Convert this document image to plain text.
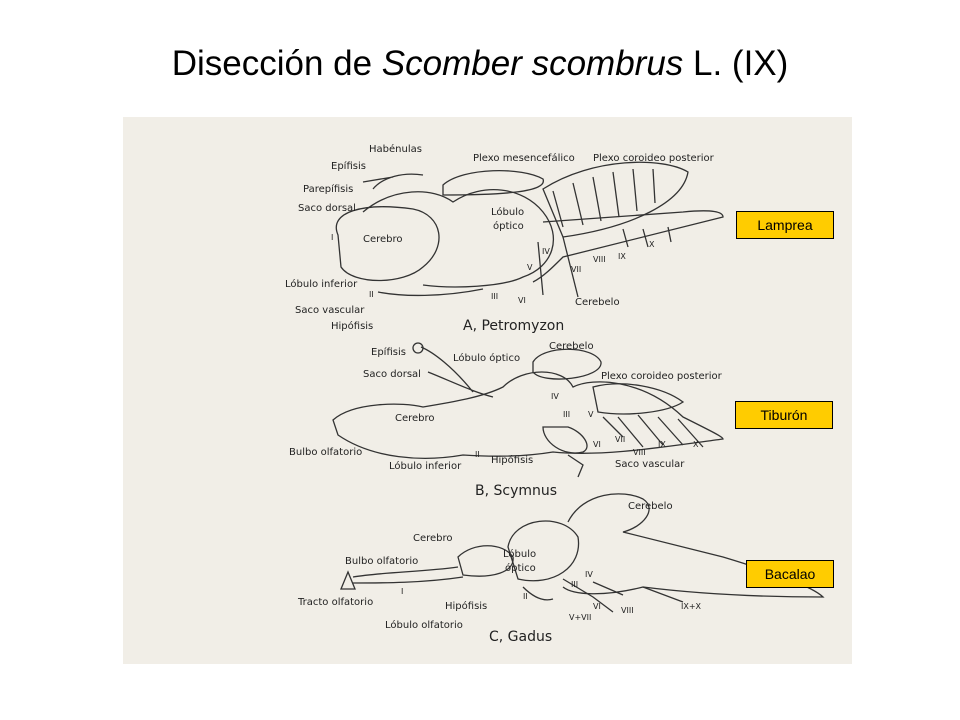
Disección de Scomber scombrus L. (IX)
Habénulas
Epífisis
Parepífisis
Saco dorsal
Cerebro
Lóbulo inferior
Saco vascular
Hipófisis
Plexo mesencefálico Plexo coroideo posterior
Lóbulo
óptico
Cerebelo
A, Petromyzon
I
II	III
IV
V
VI
VII
VIII IX
X
Epífisis
Saco dorsal
Lóbulo óptico
Cerebelo
Plexo coroideo posterior
Cerebro
Bulbo olfatorio
Lóbulo inferior
Hipófisis	Saco vascular
B, Scymnus
II
III
IV
V
VI
VII
VIII
IX	X
Cerebelo
Cerebro
Bulbo olfatorio
Lóbulo
óptico
Tracto olfatorio	Hipófisis
Lóbulo olfatorio
C, Gadus
I
II
III
IV
VI
V+VII
VIII	IX+X
Lamprea
Tiburón
Bacalao
